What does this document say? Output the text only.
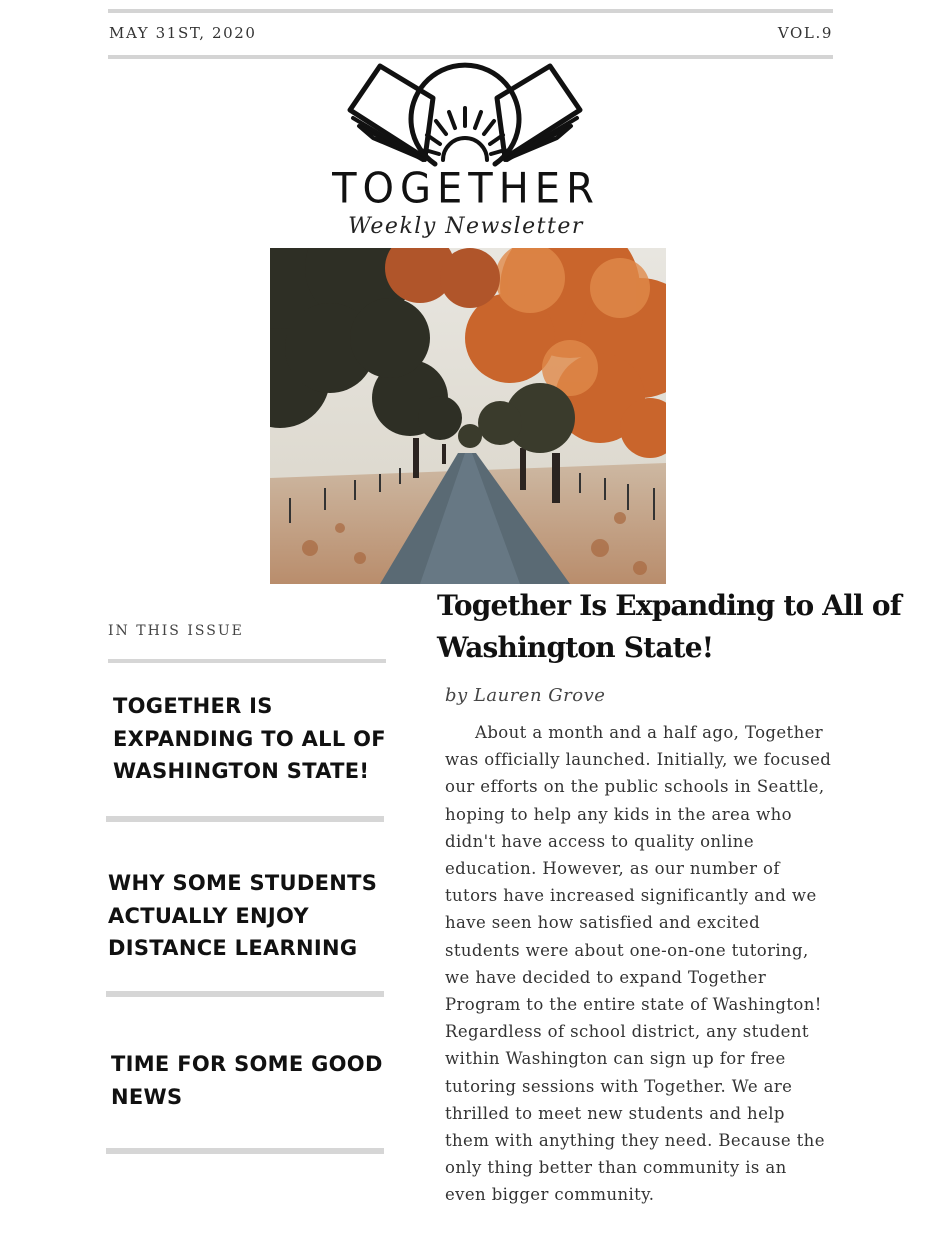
MAY 31ST, 2020	VOL.9
TOGETHER
Weekly Newsletter
IN THIS ISSUE
TOGETHER IS
EXPANDING TO ALL OF
WASHINGTON STATE!
WHY SOME STUDENTS
ACTUALLY ENJOY
DISTANCE LEARNING
TIME FOR SOME GOOD
NEWS
Together Is Expanding to All of
Washington State!
by Lauren Grove
About a month and a half ago, Together
was officially launched. Initially, we focused
our efforts on the public schools in Seattle,
hoping to help any kids in the area who
didn't have access to quality online
education. However, as our number of
tutors have increased significantly and we
have seen how satisfied and excited
students were about one-on-one tutoring,
we have decided to expand Together
Program to the entire state of Washington!
Regardless of school district, any student
within Washington can sign up for free
tutoring sessions with Together. We are
thrilled to meet new students and help
them with anything they need. Because the
only thing better than community is an
even bigger community.
